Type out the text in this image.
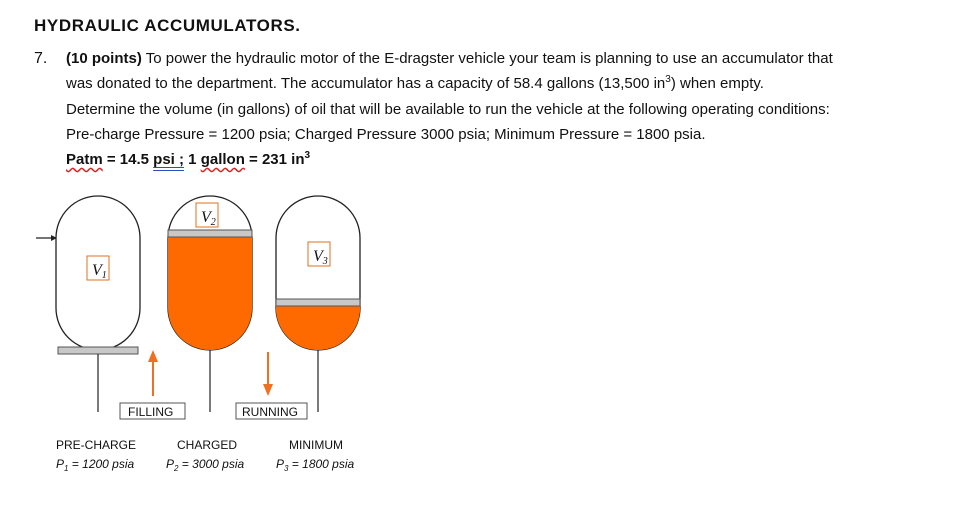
HYDRAULIC ACCUMULATORS.
7. (10 points) To power the hydraulic motor of the E-dragster vehicle your team is planning to use an accumulator that
was donated to the department. The accumulator has a capacity of 58.4 gallons (13,500 $in^3$) when empty.
Determine the volume (in gallons) of oil that will be available to run the vehicle at the following operating conditions:
Pre-charge Pressure = 1200 psia; Charged Pressure 3000 psia; Minimum Pressure = 1800 psia.
Patm = 14.5 psi ; 1 gallon = 231 $in^3$
V1
FILLING
V2
RUNNING
V3
PRE-CHARGE
$P_1 = 1200$ psia
CHARGED
$P_2 = 3000$ psia
MINIMUM
$P_3 = 1800$ psia
